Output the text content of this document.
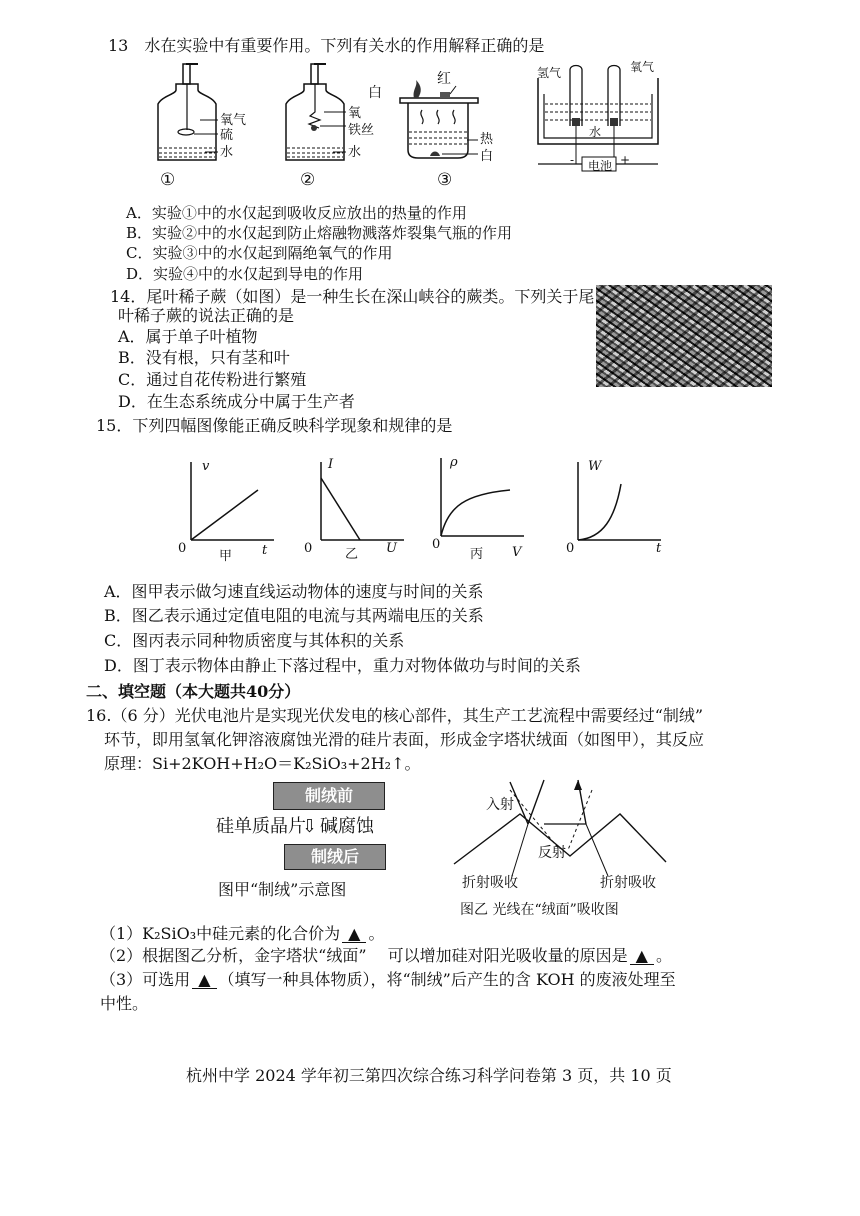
13　水在实验中有重要作用。下列有关水的作用解释正确的是
氧气
硫
水
①
氧
铁丝
水
②
红
白
热
白
③
氢气	氧气
水
电池
-	+
A．实验①中的水仅起到吸收反应放出的热量的作用
B．实验②中的水仅起到防止熔融物溅落炸裂集气瓶的作用
C．实验③中的水仅起到隔绝氧气的作用
D．实验④中的水仅起到导电的作用
14．尾叶稀子蕨（如图）是一种生长在深山峡谷的蕨类。下列关于尾
叶稀子蕨的说法正确的是
A．属于单子叶植物
B．没有根，只有茎和叶
C．通过自花传粉进行繁殖
D．在生态系统成分中属于生产者
15．下列四幅图像能正确反映科学现象和规律的是
v
t
0
甲
I
U
0	乙
ρ
V
0
丙
W
t
0
A．图甲表示做匀速直线运动物体的速度与时间的关系
B．图乙表示通过定值电阻的电流与其两端电压的关系
C．图丙表示同种物质密度与其体积的关系
D．图丁表示物体由静止下落过程中，重力对物体做功与时间的关系
二、填空题（本大题共40分）
16.（6 分）光伏电池片是实现光伏发电的核心部件，其生产工艺流程中需要经过“制绒”
环节，即用氢氧化钾溶液腐蚀光滑的硅片表面，形成金字塔状绒面（如图甲），其反应
原理：Si+2KOH+H₂O＝K₂SiO₃+2H₂↑。
制绒前
硅单质晶片
⇩ 碱腐蚀
制绒后
图甲“制绒”示意图
入射
反射
折射吸收	折射吸收
图乙 光线在“绒面”吸收图
（1）K₂SiO₃中硅元素的化合价为 ▲ 。
（2）根据图乙分析，金字塔状“绒面”　 可以增加硅对阳光吸收量的原因是 ▲ 。
（3）可选用 ▲ （填写一种具体物质），将“制绒”后产生的含 KOH 的废液处理至
中性。
杭州中学 2024 学年初三第四次综合练习科学问卷第 3 页，共 10 页
